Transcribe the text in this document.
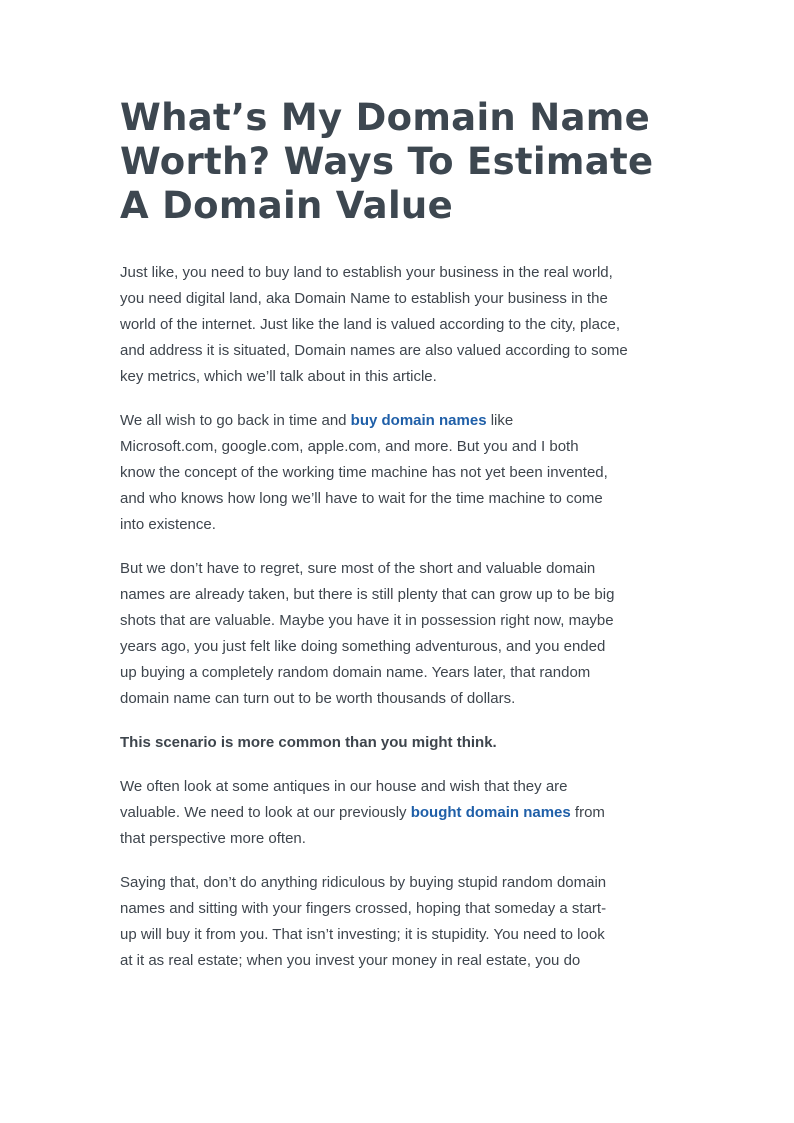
What’s My Domain Name
Worth? Ways To Estimate
A Domain Value

Just like, you need to buy land to establish your business in the real world,
you need digital land, aka Domain Name to establish your business in the
world of the internet. Just like the land is valued according to the city, place,
and address it is situated, Domain names are also valued according to some
key metrics, which we’ll talk about in this article.

We all wish to go back in time and buy domain names like
Microsoft.com, google.com, apple.com, and more. But you and I both
know the concept of the working time machine has not yet been invented,
and who knows how long we’ll have to wait for the time machine to come
into existence.

But we don’t have to regret, sure most of the short and valuable domain
names are already taken, but there is still plenty that can grow up to be big
shots that are valuable. Maybe you have it in possession right now, maybe
years ago, you just felt like doing something adventurous, and you ended
up buying a completely random domain name. Years later, that random
domain name can turn out to be worth thousands of dollars.

This scenario is more common than you might think.

We often look at some antiques in our house and wish that they are
valuable. We need to look at our previously bought domain names from
that perspective more often.

Saying that, don’t do anything ridiculous by buying stupid random domain
names and sitting with your fingers crossed, hoping that someday a start-
up will buy it from you. That isn’t investing; it is stupidity. You need to look
at it as real estate; when you invest your money in real estate, you do
